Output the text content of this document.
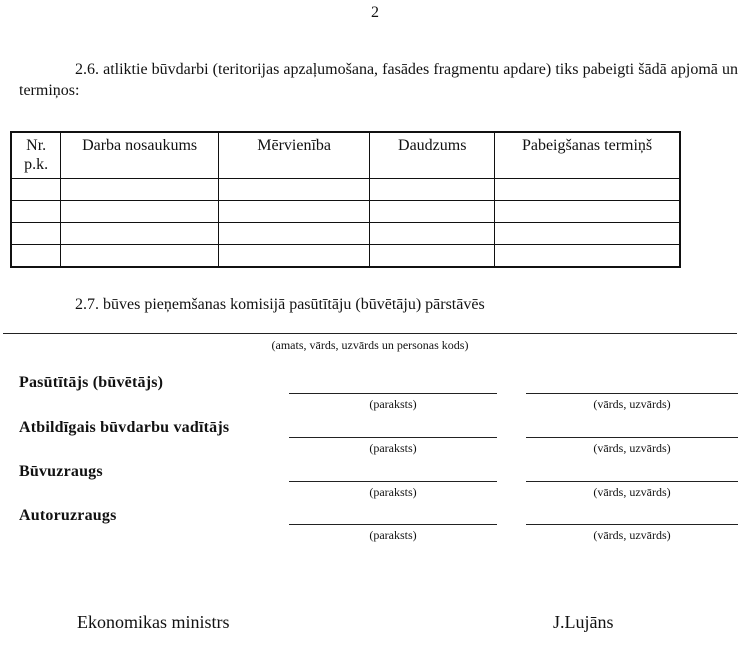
2
2.6. atliktie būvdarbi (teritorijas apzaļumošana, fasādes fragmentu apdare) tiks pabeigti šādā apjomā un termiņos:
Nr.
p.k.	Darba nosaukums	Mērvienība	Daudzums	Pabeigšanas termiņš

2.7. būves pieņemšanas komisijā pasūtītāju (būvētāju) pārstāvēs
(amats, vārds, uzvārds un personas kods)
Pasūtītājs (būvētājs)
(paraksts)	(vārds, uzvārds)
Atbildīgais būvdarbu vadītājs
(paraksts)	(vārds, uzvārds)
Būvuzraugs
(paraksts)	(vārds, uzvārds)
Autoruzraugs
(paraksts)	(vārds, uzvārds)
Ekonomikas ministrs	J.Lujāns
